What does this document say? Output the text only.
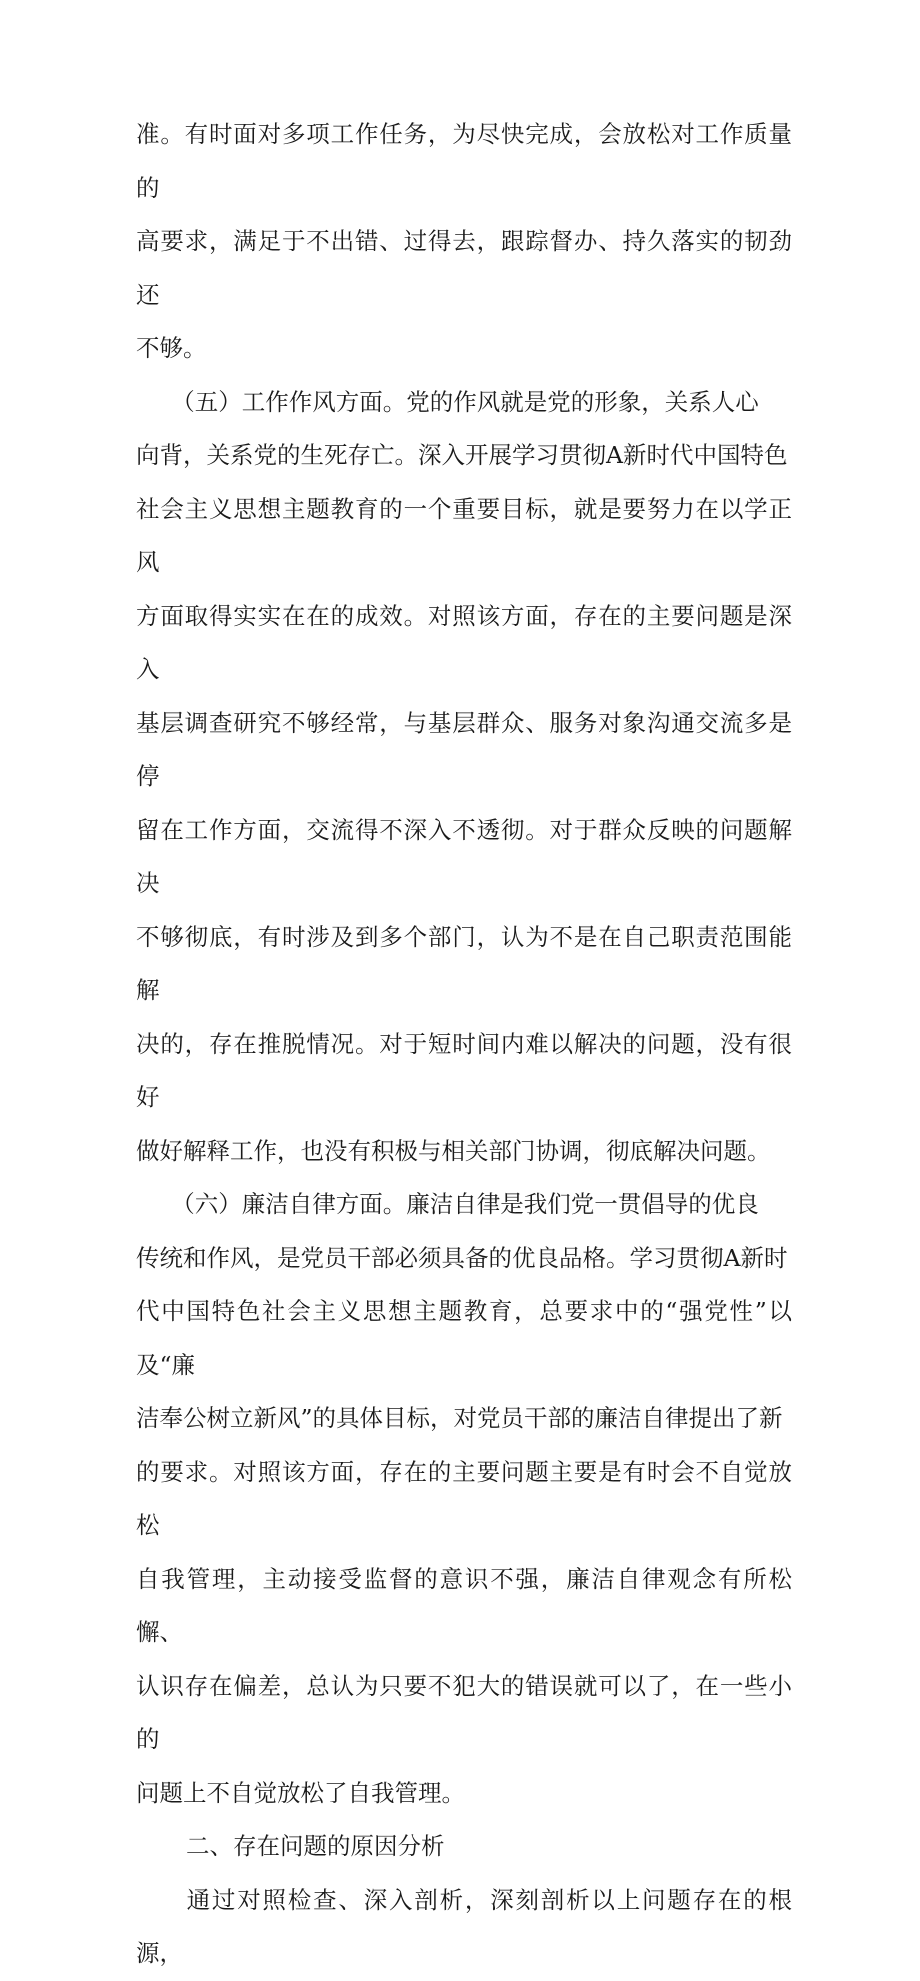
准。有时面对多项工作任务，为尽快完成，会放松对工作质量的
高要求，满足于不出错、过得去，跟踪督办、持久落实的韧劲还
不够。
　　（五）工作作风方面。党的作风就是党的形象，关系人心
向背，关系党的生死存亡。深入开展学习贯彻A新时代中国特色
社会主义思想主题教育的一个重要目标，就是要努力在以学正风
方面取得实实在在的成效。对照该方面，存在的主要问题是深入
基层调查研究不够经常，与基层群众、服务对象沟通交流多是停
留在工作方面，交流得不深入不透彻。对于群众反映的问题解决
不够彻底，有时涉及到多个部门，认为不是在自己职责范围能解
决的，存在推脱情况。对于短时间内难以解决的问题，没有很好
做好解释工作，也没有积极与相关部门协调，彻底解决问题。
　　（六）廉洁自律方面。廉洁自律是我们党一贯倡导的优良
传统和作风，是党员干部必须具备的优良品格。学习贯彻A新时
代中国特色社会主义思想主题教育，总要求中的“强党性”以及“廉
洁奉公树立新风”的具体目标，对党员干部的廉洁自律提出了新
的要求。对照该方面，存在的主要问题主要是有时会不自觉放松
自我管理，主动接受监督的意识不强，廉洁自律观念有所松懈、
认识存在偏差，总认为只要不犯大的错误就可以了，在一些小的
问题上不自觉放松了自我管理。
二、存在问题的原因分析
　　通过对照检查、深入剖析，深刻剖析以上问题存在的根源，
